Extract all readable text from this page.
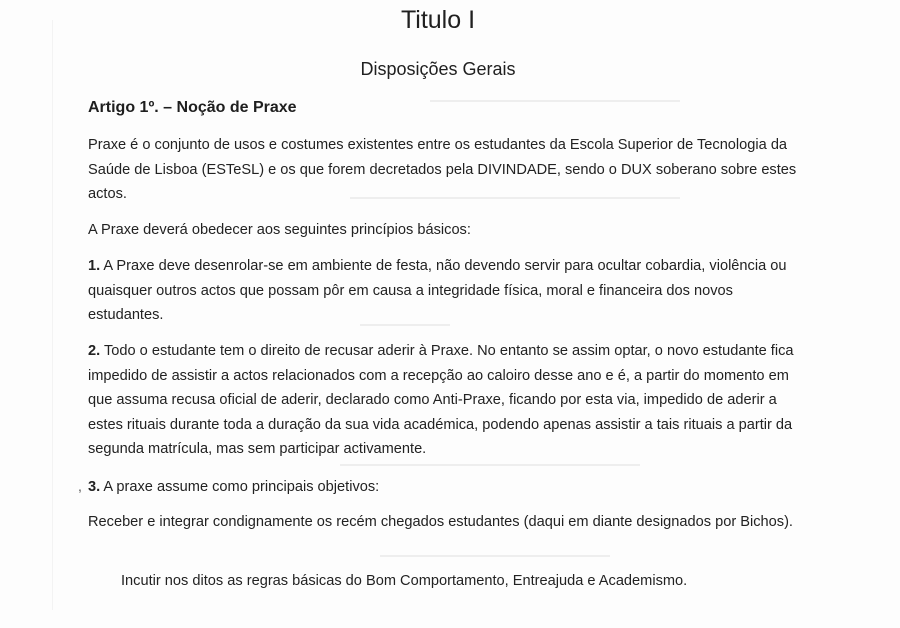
Titulo I
Disposições Gerais
Artigo 1º. – Noção de Praxe
Praxe é o conjunto de usos e costumes existentes entre os estudantes da Escola Superior de Tecnologia da Saúde de Lisboa (ESTeSL) e os que forem decretados pela DIVINDADE, sendo o DUX soberano sobre estes actos.
A Praxe deverá obedecer aos seguintes princípios básicos:
1. A Praxe deve desenrolar-se em ambiente de festa, não devendo servir para ocultar cobardia, violência ou quaisquer outros actos que possam pôr em causa a integridade física, moral e financeira dos novos estudantes.
2. Todo o estudante tem o direito de recusar aderir à Praxe. No entanto se assim optar, o novo estudante fica impedido de assistir a actos relacionados com a recepção ao caloiro desse ano e é, a partir do momento em que assuma recusa oficial de aderir, declarado como Anti-Praxe, ficando por esta via, impedido de aderir a estes rituais durante toda a duração da sua vida académica, podendo apenas assistir a tais rituais a partir da segunda matrícula, mas sem participar activamente.
, 3. A praxe assume como principais objetivos:
Receber e integrar condignamente os recém chegados estudantes (daqui em diante designados por Bichos).
Incutir nos ditos as regras básicas do Bom Comportamento, Entreajuda e Academismo.
